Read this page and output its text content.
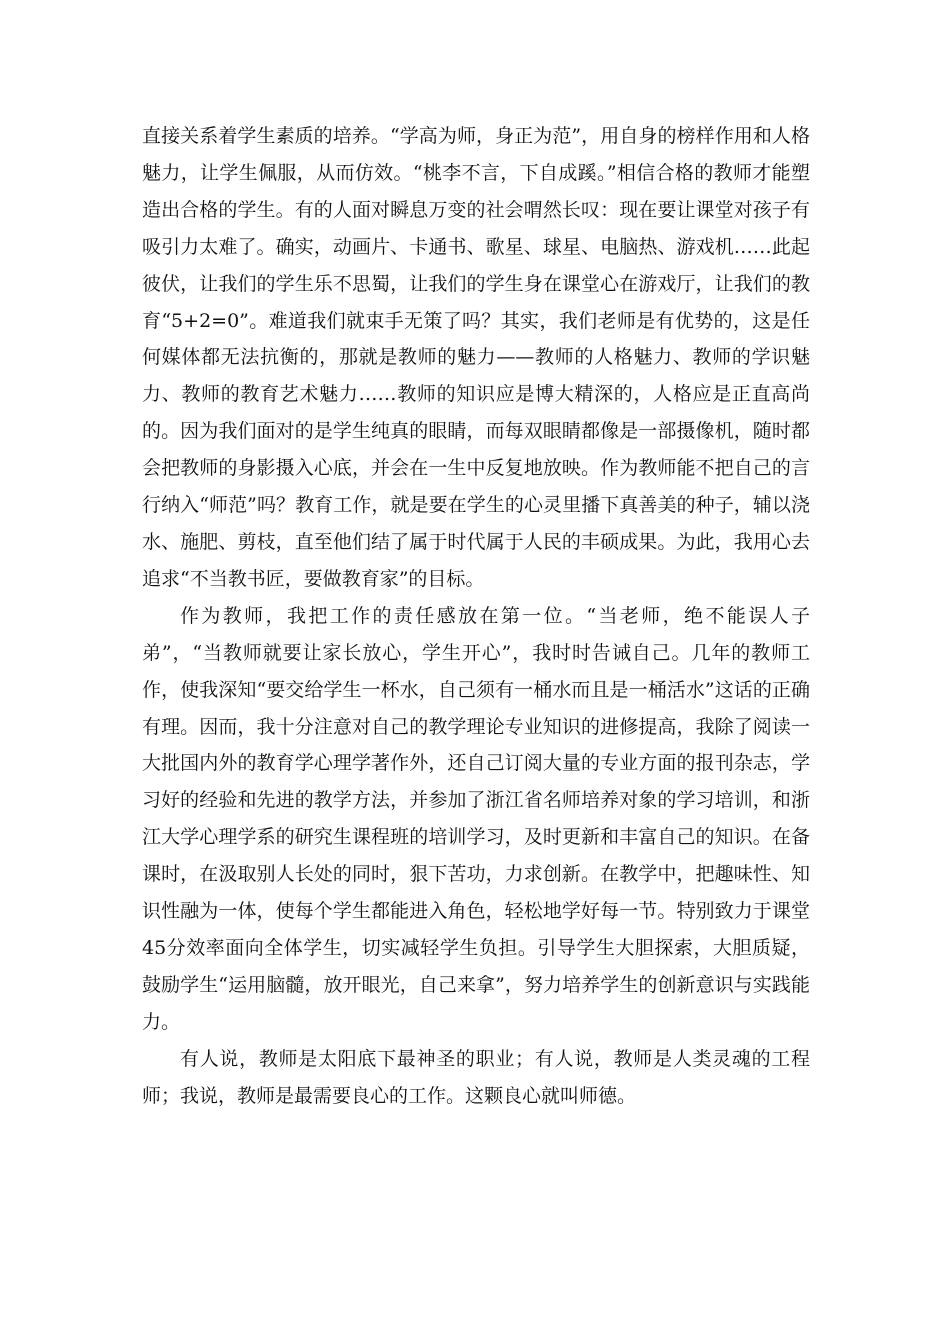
直接关系着学生素质的培养。“学高为师，身正为范”，用自身的榜样作用和人格魅力，让学生佩服，从而仿效。“桃李不言，下自成蹊。”相信合格的教师才能塑造出合格的学生。有的人面对瞬息万变的社会喟然长叹：现在要让课堂对孩子有吸引力太难了。确实，动画片、卡通书、歌星、球星、电脑热、游戏机……此起彼伏，让我们的学生乐不思蜀，让我们的学生身在课堂心在游戏厅，让我们的教育“5+2=0”。难道我们就束手无策了吗？其实，我们老师是有优势的，这是任何媒体都无法抗衡的，那就是教师的魅力——教师的人格魅力、教师的学识魅力、教师的教育艺术魅力……教师的知识应是博大精深的，人格应是正直高尚的。因为我们面对的是学生纯真的眼睛，而每双眼睛都像是一部摄像机，随时都会把教师的身影摄入心底，并会在一生中反复地放映。作为教师能不把自己的言行纳入“师范”吗？教育工作，就是要在学生的心灵里播下真善美的种子，辅以浇水、施肥、剪枝，直至他们结了属于时代属于人民的丰硕成果。为此，我用心去追求“不当教书匠，要做教育家”的目标。

作为教师，我把工作的责任感放在第一位。“当老师，绝不能误人子弟”，“当教师就要让家长放心，学生开心”，我时时告诫自己。几年的教师工作，使我深知“要交给学生一杯水，自己须有一桶水而且是一桶活水”这话的正确有理。因而，我十分注意对自己的教学理论专业知识的进修提高，我除了阅读一大批国内外的教育学心理学著作外，还自己订阅大量的专业方面的报刊杂志，学习好的经验和先进的教学方法，并参加了浙江省名师培养对象的学习培训，和浙江大学心理学系的研究生课程班的培训学习，及时更新和丰富自己的知识。在备课时，在汲取别人长处的同时，狠下苦功，力求创新。在教学中，把趣味性、知识性融为一体，使每个学生都能进入角色，轻松地学好每一节。特别致力于课堂45分效率面向全体学生，切实减轻学生负担。引导学生大胆探索，大胆质疑，鼓励学生“运用脑髓，放开眼光，自己来拿”，努力培养学生的创新意识与实践能力。

有人说，教师是太阳底下最神圣的职业；有人说，教师是人类灵魂的工程师；我说，教师是最需要良心的工作。这颗良心就叫师德。
